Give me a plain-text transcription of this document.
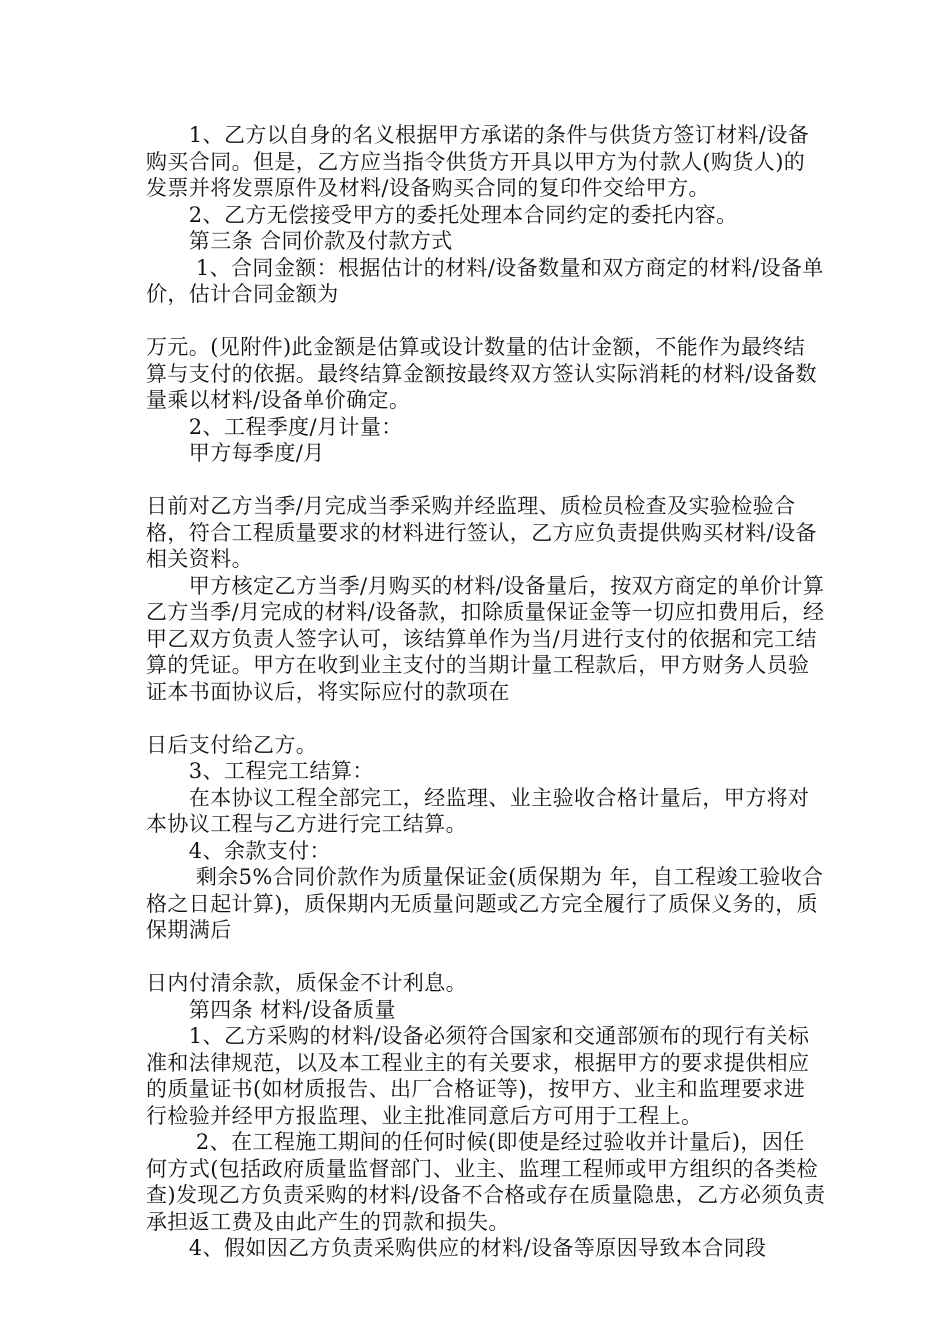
　　1、乙方以自身的名义根据甲方承诺的条件与供货方签订材料/设备购买合同。但是，乙方应当指令供货方开具以甲方为付款人(购货人)的发票并将发票原件及材料/设备购买合同的复印件交给甲方。

　　2、乙方无偿接受甲方的委托处理本合同约定的委托内容。

　　第三条 合同价款及付款方式

　　 1、合同金额：根据估计的材料/设备数量和双方商定的材料/设备单价，估计合同金额为

万元。(见附件)此金额是估算或设计数量的估计金额，不能作为最终结算与支付的依据。最终结算金额按最终双方签认实际消耗的材料/设备数量乘以材料/设备单价确定。

　　2、工程季度/月计量：

　　甲方每季度/月

日前对乙方当季/月完成当季采购并经监理、质检员检查及实验检验合格，符合工程质量要求的材料进行签认，乙方应负责提供购买材料/设备相关资料。

　　甲方核定乙方当季/月购买的材料/设备量后，按双方商定的单价计算乙方当季/月完成的材料/设备款，扣除质量保证金等一切应扣费用后，经甲乙双方负责人签字认可，该结算单作为当/月进行支付的依据和完工结算的凭证。甲方在收到业主支付的当期计量工程款后，甲方财务人员验证本书面协议后，将实际应付的款项在

日后支付给乙方。

　　3、工程完工结算：

　　在本协议工程全部完工，经监理、业主验收合格计量后，甲方将对本协议工程与乙方进行完工结算。

　　4、余款支付：

　　 剩余5%合同价款作为质量保证金(质保期为 年，自工程竣工验收合格之日起计算)，质保期内无质量问题或乙方完全履行了质保义务的，质保期满后

日内付清余款，质保金不计利息。

　　第四条 材料/设备质量

　　1、乙方采购的材料/设备必须符合国家和交通部颁布的现行有关标准和法律规范，以及本工程业主的有关要求，根据甲方的要求提供相应的质量证书(如材质报告、出厂合格证等)，按甲方、业主和监理要求进行检验并经甲方报监理、业主批准同意后方可用于工程上。

　　 2、在工程施工期间的任何时候(即使是经过验收并计量后)，因任何方式(包括政府质量监督部门、业主、监理工程师或甲方组织的各类检查)发现乙方负责采购的材料/设备不合格或存在质量隐患，乙方必须负责承担返工费及由此产生的罚款和损失。

　　4、假如因乙方负责采购供应的材料/设备等原因导致本合同段
